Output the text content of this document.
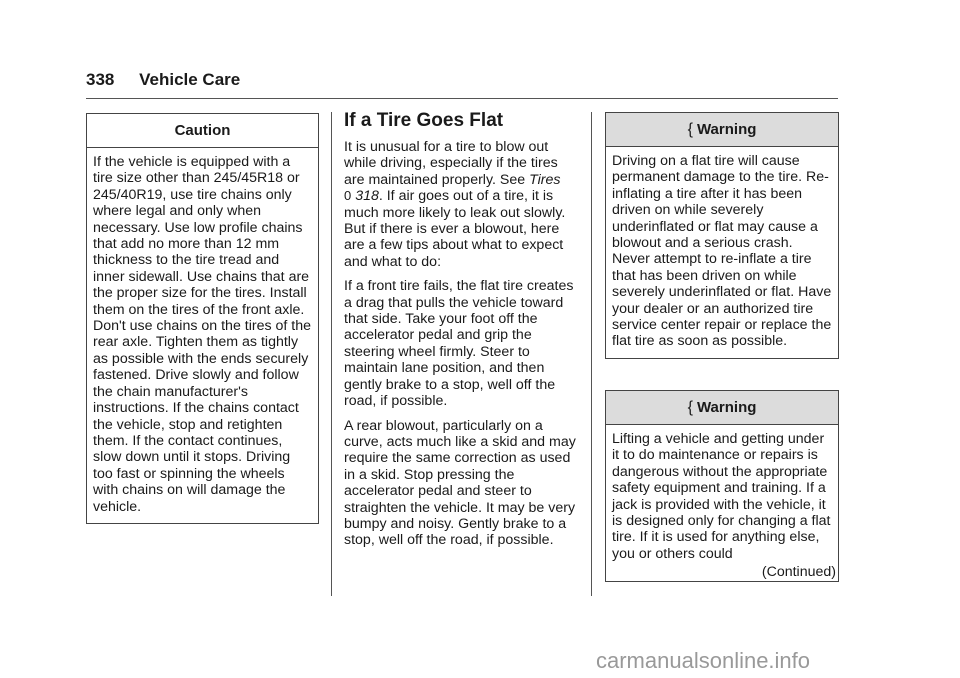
338 Vehicle Care
Caution
If the vehicle is equipped with a tire size other than 245/45R18 or 245/40R19, use tire chains only where legal and only when necessary. Use low profile chains that add no more than 12 mm thickness to the tire tread and inner sidewall. Use chains that are the proper size for the tires. Install them on the tires of the front axle. Don't use chains on the tires of the rear axle. Tighten them as tightly as possible with the ends securely fastened. Drive slowly and follow the chain manufacturer's instructions. If the chains contact the vehicle, stop and retighten them. If the contact continues, slow down until it stops. Driving too fast or spinning the wheels with chains on will damage the vehicle.
If a Tire Goes Flat

It is unusual for a tire to blow out while driving, especially if the tires are maintained properly. See Tires
0 318. If air goes out of a tire, it is much more likely to leak out slowly. But if there is ever a blowout, here are a few tips about what to expect and what to do:

If a front tire fails, the flat tire creates a drag that pulls the vehicle toward that side. Take your foot off the accelerator pedal and grip the steering wheel firmly. Steer to maintain lane position, and then gently brake to a stop, well off the road, if possible.

A rear blowout, particularly on a curve, acts much like a skid and may require the same correction as used in a skid. Stop pressing the accelerator pedal and steer to straighten the vehicle. It may be very bumpy and noisy. Gently brake to a stop, well off the road, if possible.

{ Warning
Driving on a flat tire will cause permanent damage to the tire. Re-inflating a tire after it has been driven on while severely underinflated or flat may cause a blowout and a serious crash. Never attempt to re-inflate a tire that has been driven on while severely underinflated or flat. Have your dealer or an authorized tire service center repair or replace the flat tire as soon as possible.
{ Warning
Lifting a vehicle and getting under it to do maintenance or repairs is dangerous without the appropriate safety equipment and training. If a jack is provided with the vehicle, it is designed only for changing a flat tire. If it is used for anything else, you or others could
(Continued)
carmanualsonline.info
